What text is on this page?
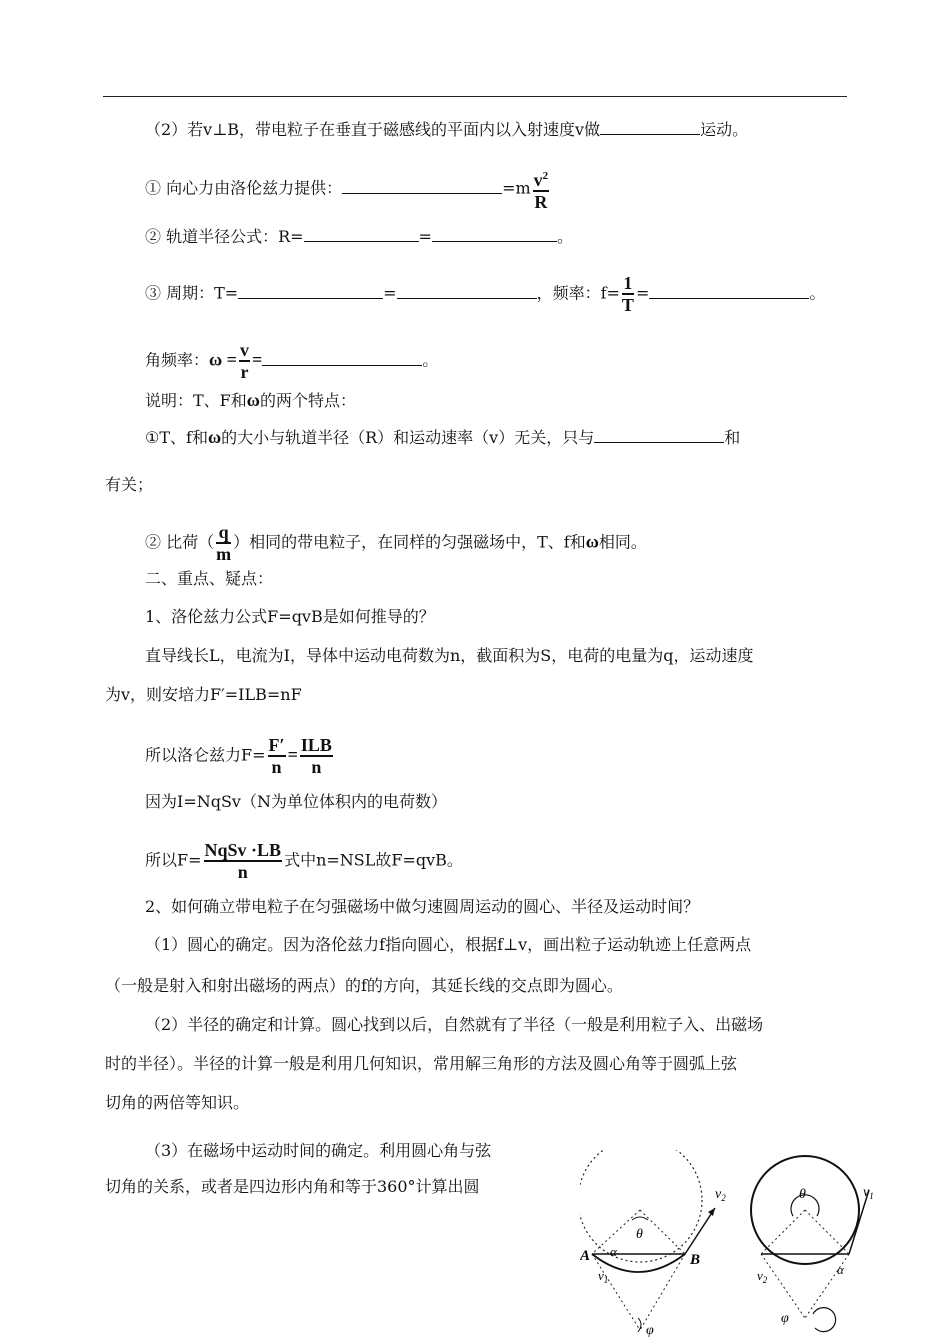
（2）若v⊥B，带电粒子在垂直于磁感线的平面内以入射速度v做	运动。
① 向心力由洛伦兹力提供：	$=m \frac{v^2}{R}$
② 轨道半径公式：R=	=	。
③ 周期：T=	=	，频率：$f= \frac{1}{T}$ =	。
角频率：$\omega = \frac{v}{r}$ =	。
说明：T、F和ω的两个特点：
①T、f和ω的大小与轨道半径（R）和运动速率（v）无关，只与	和
有关；
② 比荷（ $\frac{q}{m}$ ）相同的带电粒子，在同样的匀强磁场中，T、f和ω相同。
二、重点、疑点：
1、洛伦兹力公式F=qvB是如何推导的？
直导线长L，电流为I，导体中运动电荷数为n，截面积为S，电荷的电量为q，运动速度
为v，则安培力F′=ILB=nF
所以洛仑兹力$F= \frac{F'}{n} = \frac{\text{ILB}}{n}$
因为I=NqSv（N为单位体积内的电荷数）
所以$F= \frac{\text{NqSv ·LB}}{n}$ 式中n=NSL故F=qvB。
2、如何确立带电粒子在匀强磁场中做匀速圆周运动的圆心、半径及运动时间？
（1）圆心的确定。因为洛伦兹力f指向圆心，根据f⊥v，画出粒子运动轨迹上任意两点
（一般是射入和射出磁场的两点）的f的方向，其延长线的交点即为圆心。
（2）半径的确定和计算。圆心找到以后，自然就有了半径（一般是利用粒子入、出磁场
时的半径）。半径的计算一般是利用几何知识，常用解三角形的方法及圆心角等于圆弧上弦
切角的两倍等知识。
（3）在磁场中运动时间的确定。利用圆心角与弦
切角的关系，或者是四边形内角和等于360°计算出圆
θ
α
A	B
$v_2$
$v_1$
φ
θ	$v_1$
$v_2$
α
φ
